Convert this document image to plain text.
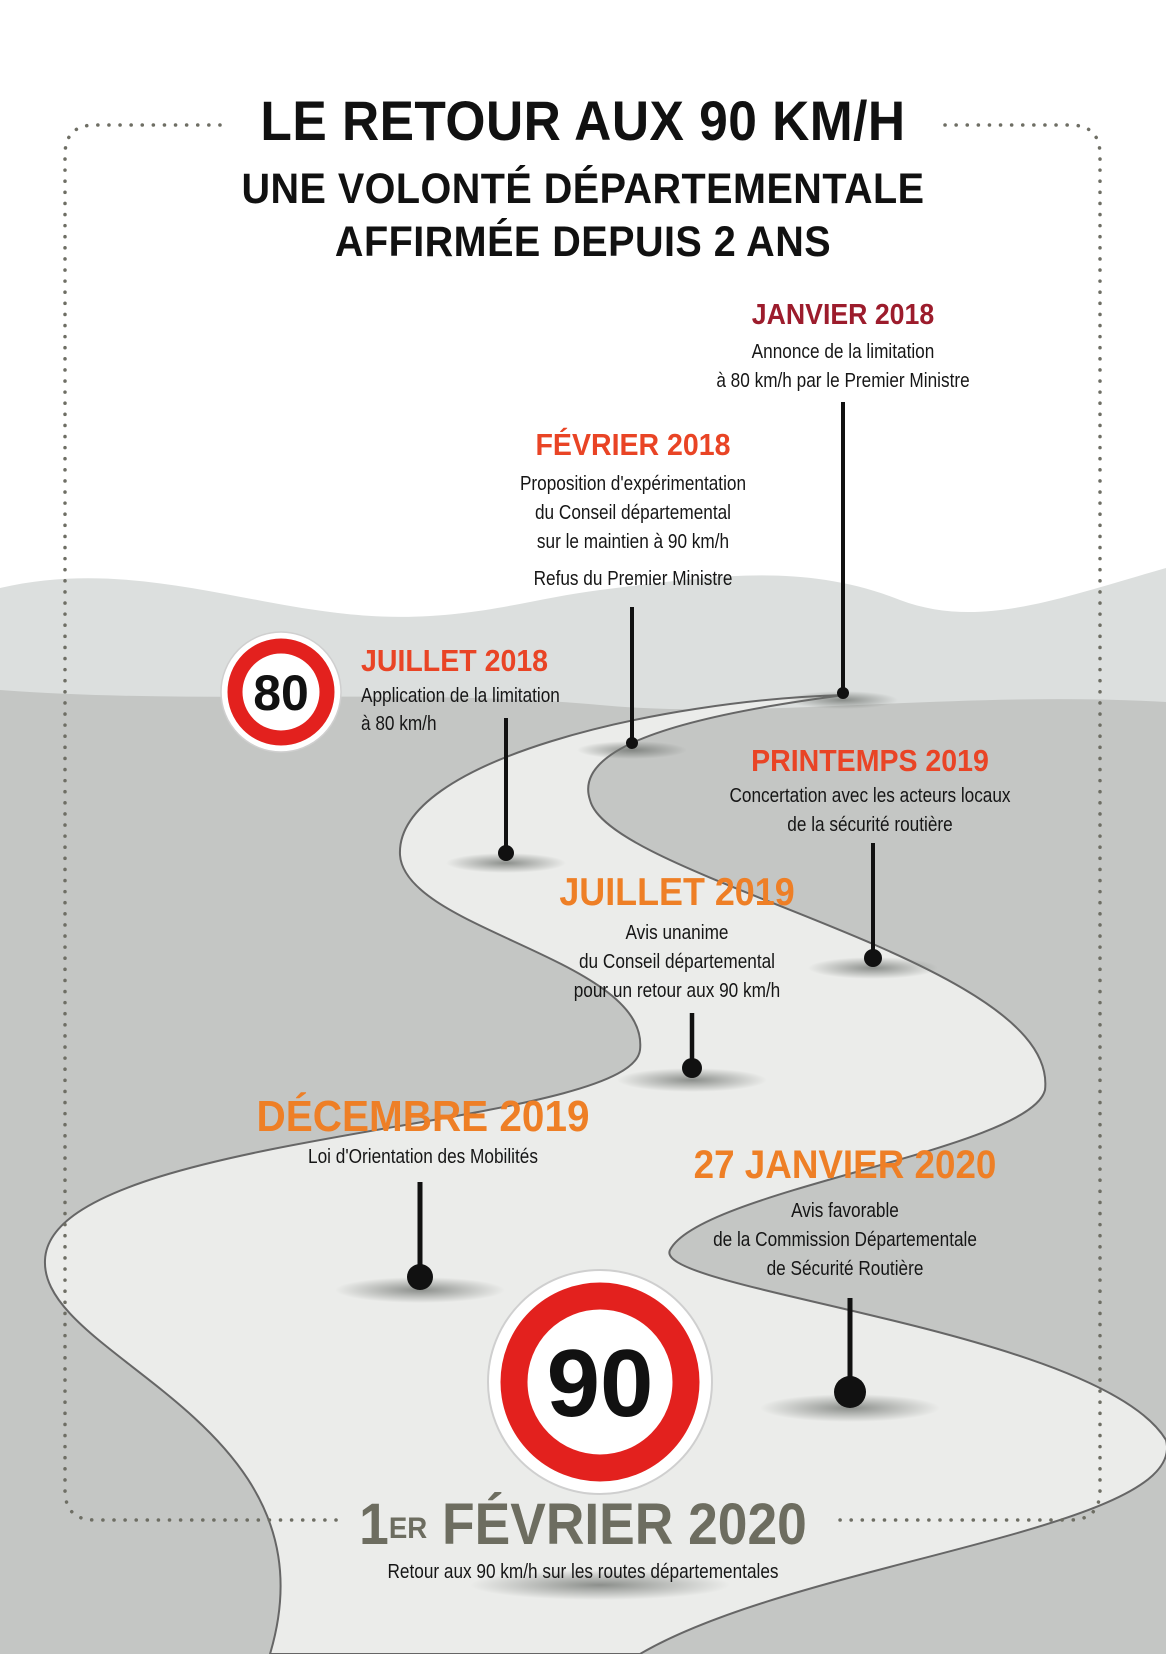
80
90
LE RETOUR AUX 90 KM/H
UNE VOLONTÉ DÉPARTEMENTALE
AFFIRMÉE DEPUIS 2 ANS
JANVIER 2018
Annonce de la limitation
à 80 km/h par le Premier Ministre
FÉVRIER 2018
Proposition d'expérimentation
du Conseil départemental
sur le maintien à 90 km/h
Refus du Premier Ministre
JUILLET 2018
Application de la limitation
à 80 km/h
PRINTEMPS 2019
Concertation avec les acteurs locaux
de la sécurité routière
JUILLET 2019
Avis unanime
du Conseil départemental
pour un retour aux 90 km/h
DÉCEMBRE 2019
Loi d'Orientation des Mobilités	27 JANVIER 2020
Avis favorable
de la Commission Départementale
de Sécurité Routière
1ER FÉVRIER 2020
Retour aux 90 km/h sur les routes départementales
